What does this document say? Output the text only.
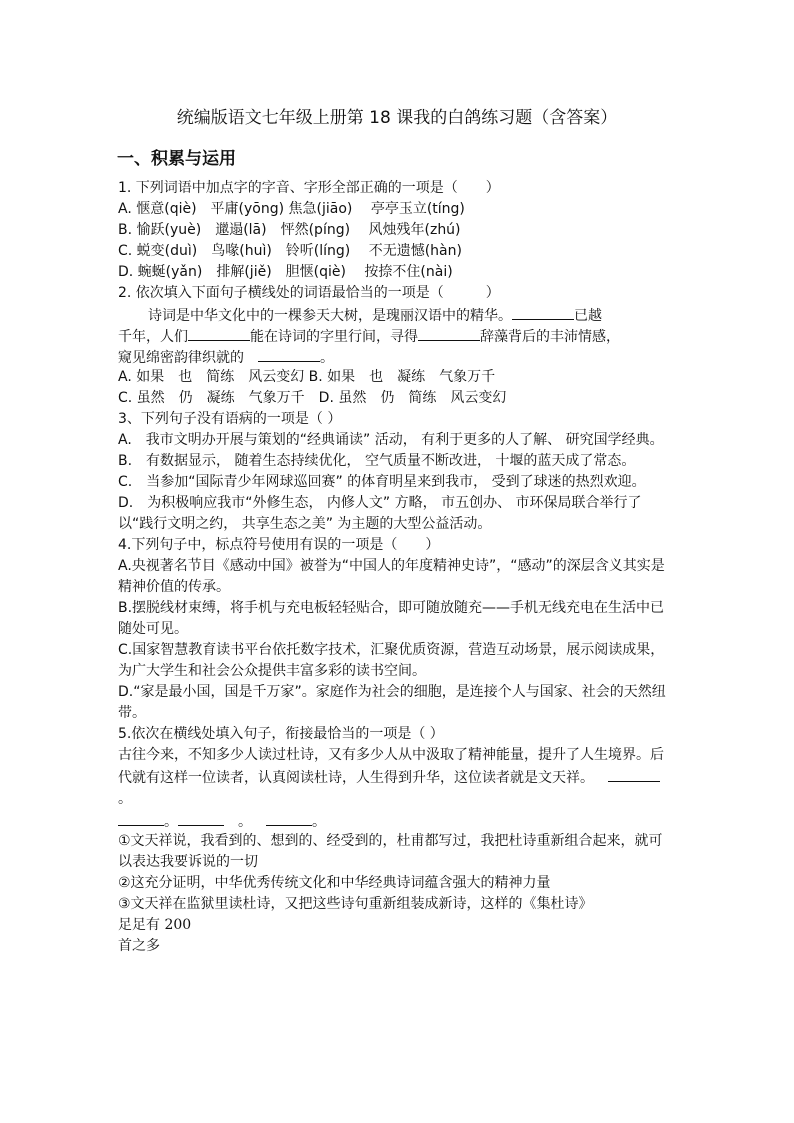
统编版语文七年级上册第 18 课我的白鸽练习题（含答案）
一、积累与运用
1. 下列词语中加点字的字音、字形全部正确的一项是（　　）
A. 惬意(qiè)　平庸(yōng) 焦急(jiāo)　 亭亭玉立(tíng)
B. 愉跃(yuè)　邋遢(lā)　怦然(píng)　 风烛残年(zhú)
C. 蜕变(duì)　鸟喙(huì)　铃听(líng)　 不无遗憾(hàn)
D. 蜿蜒(yǎn)　排解(jiě)　胆惬(qiè)　 按捺不住(nài)
2. 依次填入下面句子横线处的词语最恰当的一项是（　　　）
诗词是中华文化中的一棵参天大树，是瑰丽汉语中的精华。	已越
千年，人们	能在诗词的字里行间，寻得	辞藻背后的丰沛情感，
窥见绵密韵律织就的	。
A. 如果　也　简练　风云变幻 B. 如果　也　凝练　气象万千
C. 虽然　仍　凝练　气象万千　D. 虽然　仍　简练　风云变幻
3、下列句子没有语病的一项是（ ）
A.　我市文明办开展与策划的“经典诵读” 活动， 有利于更多的人了解、 研究国学经典。
B.　有数据显示， 随着生态持续优化， 空气质量不断改进， 十堰的蓝天成了常态。
C.　当参加“国际青少年网球巡回赛” 的体育明星来到我市， 受到了球迷的热烈欢迎。
D.　为积极响应我市“外修生态， 内修人文” 方略， 市五创办、 市环保局联合举行了以“践行文明之约， 共享生态之美” 为主题的大型公益活动。
4.下列句子中，标点符号使用有误的一项是（　　）
A.央视著名节目《感动中国》被誉为“中国人的年度精神史诗”，“感动”的深层含义其实是精神价值的传承。
B.摆脱线材束缚，将手机与充电板轻轻贴合，即可随放随充——手机无线充电在生活中已随处可见。
C.国家智慧教育读书平台依托数字技术，汇聚优质资源，营造互动场景，展示阅读成果，为广大学生和社会公众提供丰富多彩的读书空间。
D.“家是最小国，国是千万家”。家庭作为社会的细胞，是连接个人与国家、社会的天然纽带。
5.依次在横线处填入句子，衔接最恰当的一项是（ ）
古往今来，不知多少人读过杜诗，又有多少人从中汲取了精神能量，提升了人生境界。后代就有这样一位读者，认真阅读杜诗，人生得到升华，这位读者就是文天祥。。
。	。	。
①文天祥说，我看到的、想到的、经受到的，杜甫都写过，我把杜诗重新组合起来，就可以表达我要诉说的一切
②这充分证明，中华优秀传统文化和中华经典诗词蕴含强大的精神力量
③文天祥在监狱里读杜诗，又把这些诗句重新组装成新诗，这样的《集杜诗》
足足有 200
首之多
